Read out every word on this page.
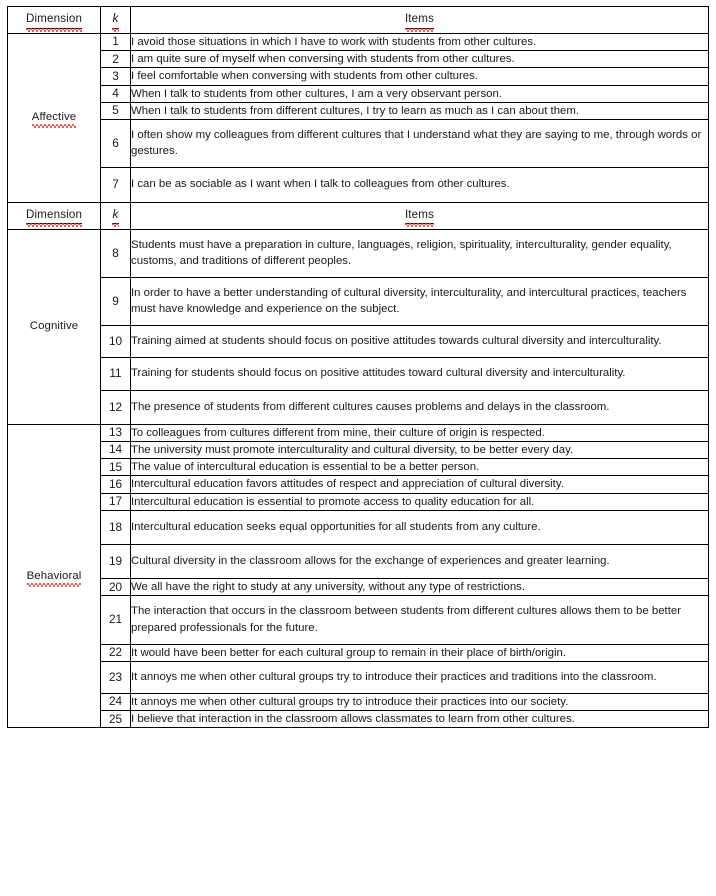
Dimension	k	Items
Affective	1	I avoid those situations in which I have to work with students from other cultures.
	2	I am quite sure of myself when conversing with students from other cultures.
	3	I feel comfortable when conversing with students from other cultures.
	4	When I talk to students from other cultures, I am a very observant person.
	5	When I talk to students from different cultures, I try to learn as much as I can about them.
	6	I often show my colleagues from different cultures that I understand what they are saying to me, through words or gestures.
	7	I can be as sociable as I want when I talk to colleagues from other cultures.
Dimension	k	Items
Cognitive	8	Students must have a preparation in culture, languages, religion, spirituality, interculturality, gender equality, customs, and traditions of different peoples.
	9	In order to have a better understanding of cultural diversity, interculturality, and intercultural practices, teachers must have knowledge and experience on the subject.
	10	Training aimed at students should focus on positive attitudes towards cultural diversity and interculturality.
	11	Training for students should focus on positive attitudes toward cultural diversity and interculturality.
	12	The presence of students from different cultures causes problems and delays in the classroom.
Behavioral	13	To colleagues from cultures different from mine, their culture of origin is respected.
	14	The university must promote interculturality and cultural diversity, to be better every day.
	15	The value of intercultural education is essential to be a better person.
	16	Intercultural education favors attitudes of respect and appreciation of cultural diversity.
	17	Intercultural education is essential to promote access to quality education for all.
	18	Intercultural education seeks equal opportunities for all students from any culture.
	19	Cultural diversity in the classroom allows for the exchange of experiences and greater learning.
	20	We all have the right to study at any university, without any type of restrictions.
	21	The interaction that occurs in the classroom between students from different cultures allows them to be better prepared professionals for the future.
	22	It would have been better for each cultural group to remain in their place of birth/origin.
	23	It annoys me when other cultural groups try to introduce their practices and traditions into the classroom.
	24	It annoys me when other cultural groups try to introduce their practices into our society.
	25	I believe that interaction in the classroom allows classmates to learn from other cultures.
